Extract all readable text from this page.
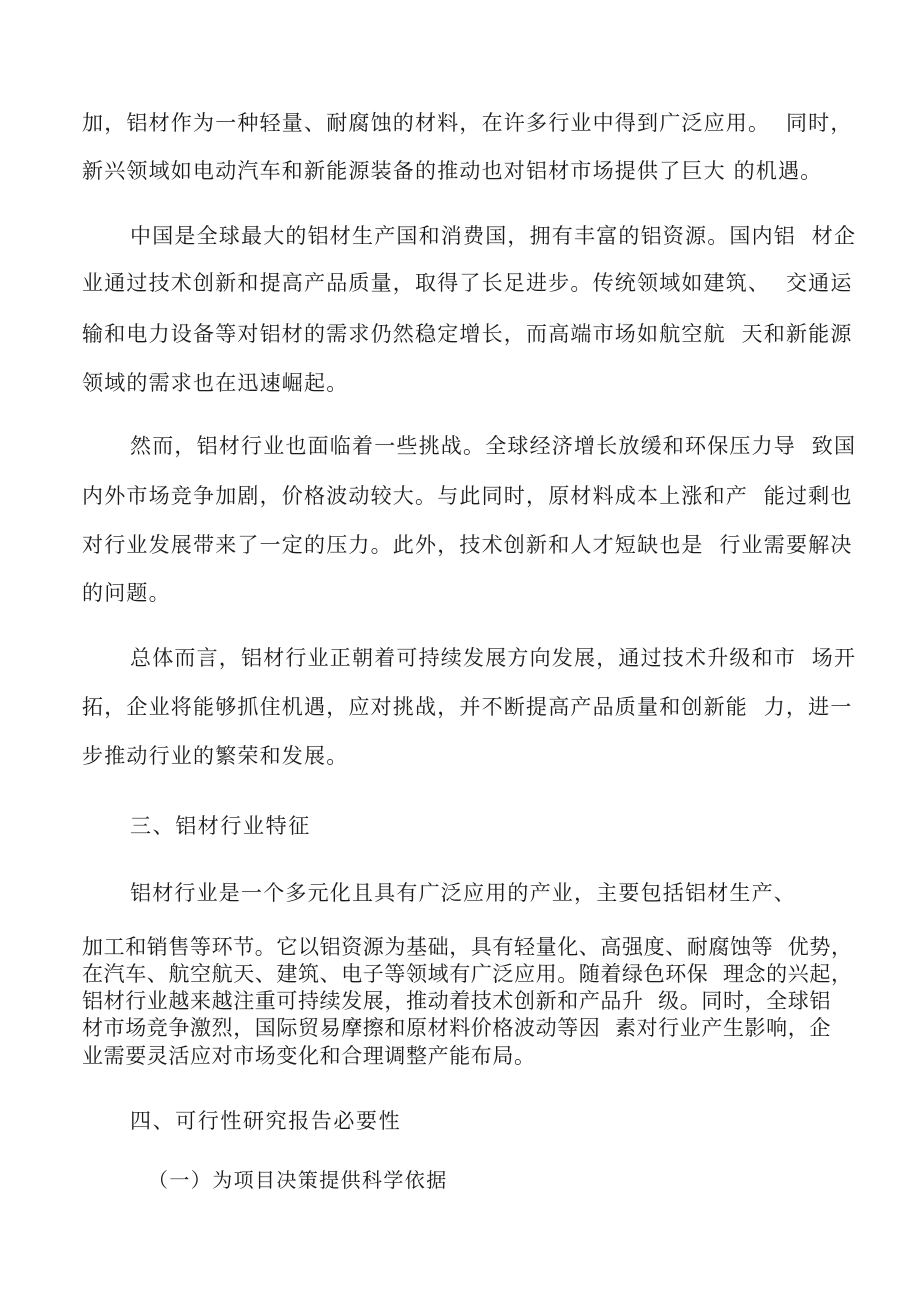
加，铝材作为一种轻量、耐腐蚀的材料，在许多行业中得到广泛应用。  同时，

新兴领域如电动汽车和新能源装备的推动也对铝材市场提供了巨大 的机遇。

中国是全球最大的铝材生产国和消费国，拥有丰富的铝资源。国内铝  材企

业通过技术创新和提高产品质量，取得了长足进步。传统领域如建筑、  交通运

输和电力设备等对铝材的需求仍然稳定增长，而高端市场如航空航  天和新能源

领域的需求也在迅速崛起。

然而，铝材行业也面临着一些挑战。全球经济增长放缓和环保压力导  致国

内外市场竞争加剧，价格波动较大。与此同时，原材料成本上涨和产  能过剩也

对行业发展带来了一定的压力。此外，技术创新和人才短缺也是  行业需要解决

的问题。

总体而言，铝材行业正朝着可持续发展方向发展，通过技术升级和市  场开

拓，企业将能够抓住机遇，应对挑战，并不断提高产品质量和创新能  力，进一

步推动行业的繁荣和发展。

三、铝材行业特征

铝材行业是一个多元化且具有广泛应用的产业，主要包括铝材生产、

加工和销售等环节。它以铝资源为基础，具有轻量化、高强度、耐腐蚀等  优势，

在汽车、航空航天、建筑、电子等领域有广泛应用。随着绿色环保  理念的兴起，

铝材行业越来越注重可持续发展，推动着技术创新和产品升  级。同时，全球铝

材市场竞争激烈，国际贸易摩擦和原材料价格波动等因  素对行业产生影响，企

业需要灵活应对市场变化和合理调整产能布局。

四、可行性研究报告必要性

（一）为项目决策提供科学依据
